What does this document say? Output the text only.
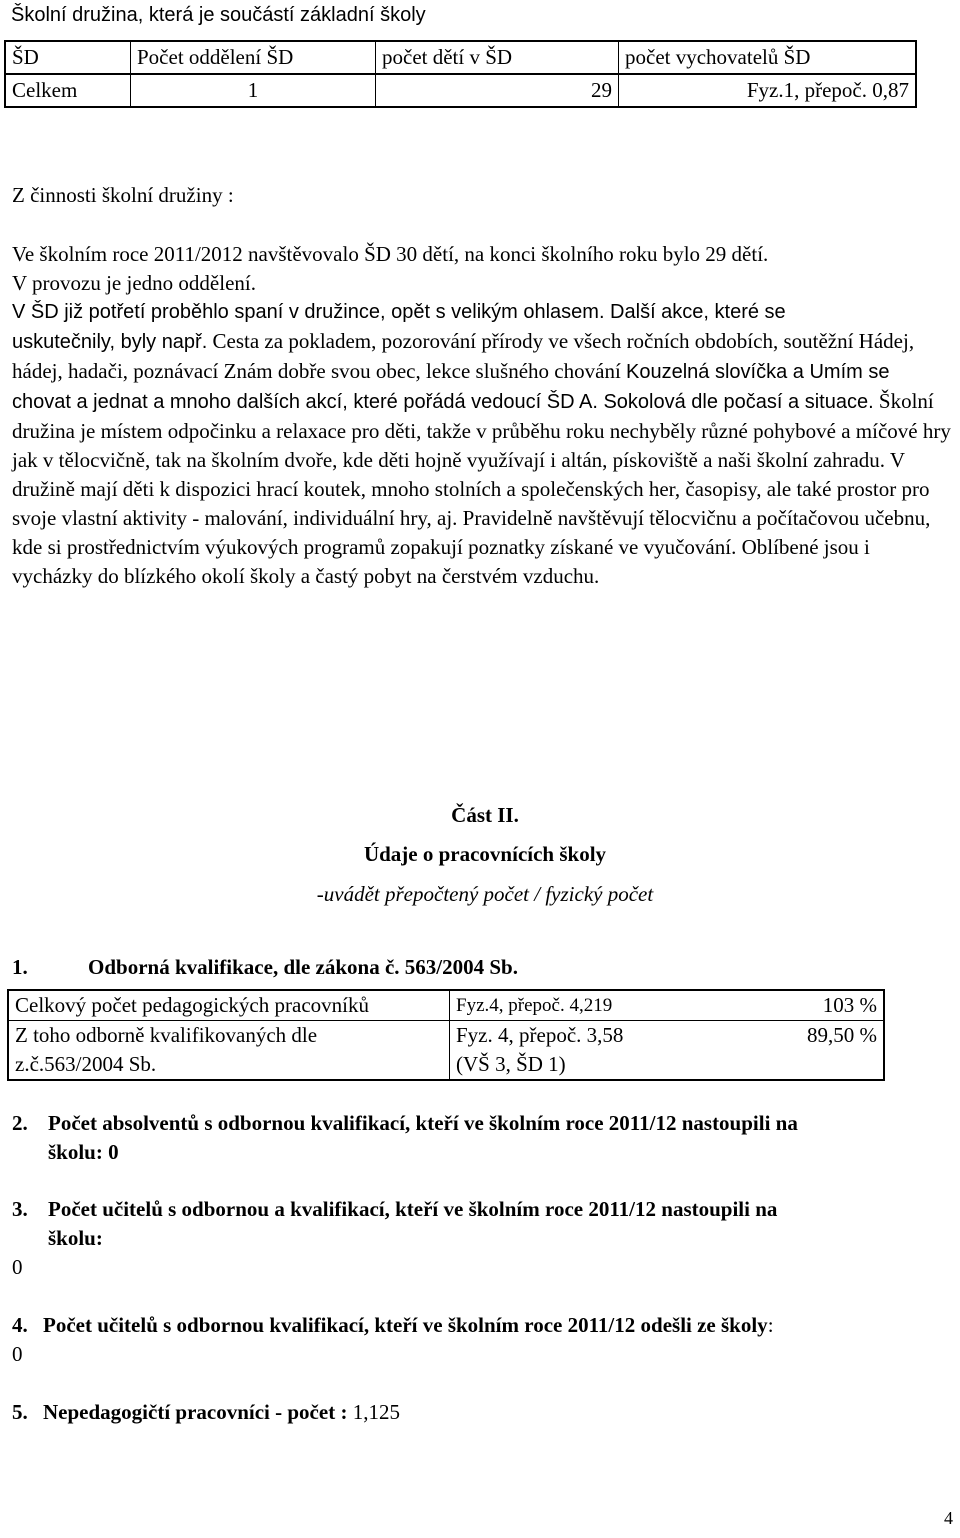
Školní družina, která je součástí základní školy
ŠD	Počet oddělení ŠD	počet dětí v ŠD	počet vychovatelů ŠD
Celkem	1	29	Fyz.1, přepoč. 0,87
Z činnosti školní družiny :

Ve školním roce 2011/2012 navštěvovalo ŠD 30 dětí, na konci školního roku bylo 29 dětí.

V provozu je jedno oddělení.

V ŠD již potřetí proběhlo spaní v družince, opět s velikým ohlasem. Další akce, které se

uskutečnily, byly např. Cesta za pokladem, pozorování přírody ve všech ročních obdobích, soutěžní Hádej, hádej, hadači, poznávací Znám dobře svou obec, lekce slušného chování Kouzelná slovíčka a Umím se chovat a jednat a mnoho dalších akcí, které pořádá vedoucí ŠD A. Sokolová dle počasí a situace. Školní družina je místem odpočinku a relaxace pro děti, takže v průběhu roku nechyběly různé pohybové a míčové hry jak v tělocvičně, tak na školním dvoře, kde děti hojně využívají i altán, pískoviště a naši školní zahradu. V družině mají děti k dispozici hrací koutek, mnoho stolních a společenských her, časopisy, ale také prostor pro svoje vlastní aktivity - malování, individuální hry, aj. Pravidelně navštěvují tělocvičnu a počítačovou učebnu, kde si prostřednictvím výukových programů zopakují poznatky získané ve vyučování. Oblíbené jsou i vycházky do blízkého okolí školy a častý pobyt na čerstvém vzduchu.
Část II.
Údaje o pracovnících školy
-uvádět přepočtený počet / fyzický počet
1.	Odborná kvalifikace, dle zákona č. 563/2004 Sb.
Celkový počet pedagogických pracovníků	Fyz.4, přepoč. 4,219	103 %
Z toho odborně kvalifikovaných dle z.č.563/2004 Sb.	Fyz. 4, přepoč. 3,58 (VŠ 3, ŠD 1)	89,50 %
2. Počet absolventů s odbornou kvalifikací, kteří ve školním roce 2011/12 nastoupili na
školu: 0
3. Počet učitelů s odbornou a kvalifikací, kteří ve školním roce 2011/12 nastoupili na
školu:
0
4. Počet učitelů s odbornou kvalifikací, kteří ve školním roce 2011/12 odešli ze školy:
0
5. Nepedagogičtí pracovníci - počet : 1,125
4
